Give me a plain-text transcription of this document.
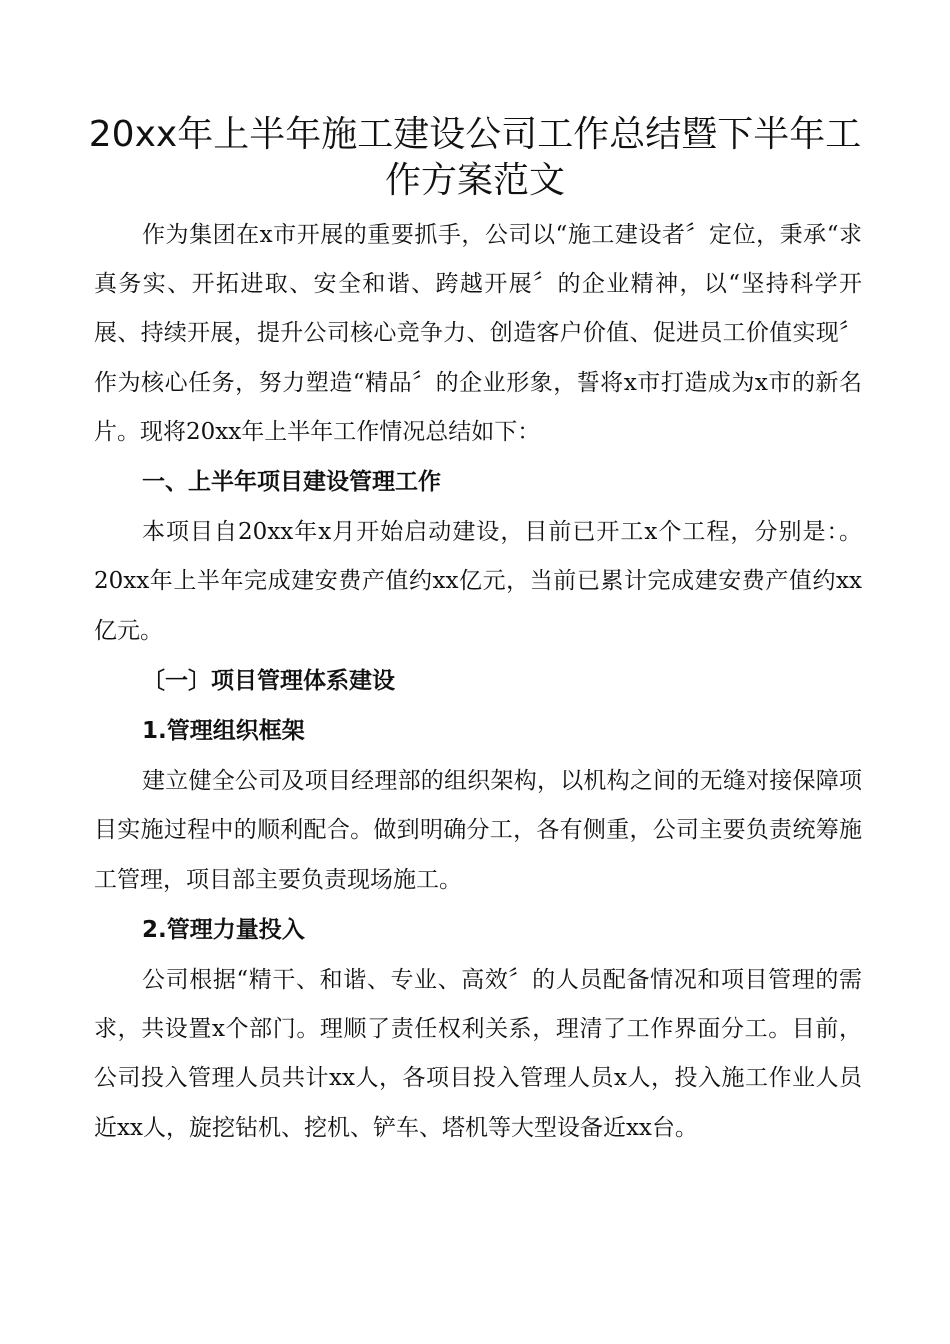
20xx年上半年施工建设公司工作总结暨下半年工
作方案范文

作为集团在x市开展的重要抓手，公司以“施工建设者〞定位，秉承“求真务实、开拓进取、安全和谐、跨越开展〞的企业精神，以“坚持科学开展、持续开展，提升公司核心竞争力、创造客户价值、促进员工价值实现〞作为核心任务，努力塑造“精品〞的企业形象，誓将x市打造成为x市的新名片。现将20xx年上半年工作情况总结如下：

一、上半年项目建设管理工作

本项目自20xx年x月开始启动建设，目前已开工x个工程，分别是：。20xx年上半年完成建安费产值约xx亿元，当前已累计完成建安费产值约xx亿元。

〔一〕项目管理体系建设
1.管理组织框架

建立健全公司及项目经理部的组织架构，以机构之间的无缝对接保障项目实施过程中的顺利配合。做到明确分工，各有侧重，公司主要负责统筹施工管理，项目部主要负责现场施工。

2.管理力量投入

公司根据“精干、和谐、专业、高效〞的人员配备情况和项目管理的需求，共设置x个部门。理顺了责任权利关系，理清了工作界面分工。目前，公司投入管理人员共计xx人，各项目投入管理人员x人，投入施工作业人员近xx人，旋挖钻机、挖机、铲车、塔机等大型设备近xx台。
